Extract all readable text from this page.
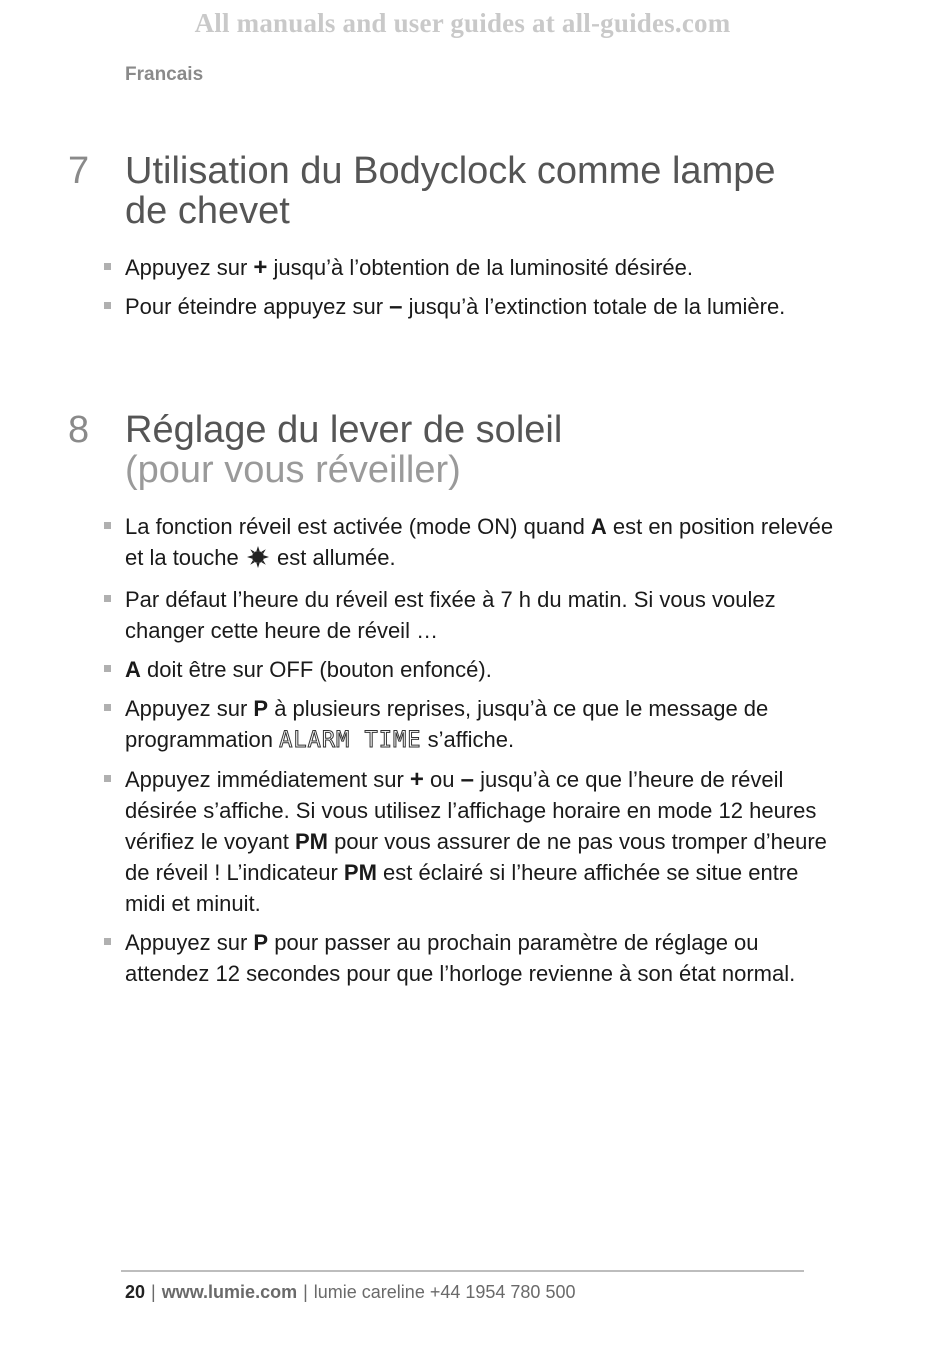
All manuals and user guides at all-guides.com
Francais
7 Utilisation du Bodyclock comme lampe
de chevet
Appuyez sur + jusqu’à l’obtention de la luminosité désirée.
Pour éteindre appuyez sur – jusqu’à l’extinction totale de la lumière.
8 Réglage du lever de soleil
(pour vous réveiller)
La fonction réveil est activée (mode ON) quand A est en position relevée et la touche  est allumée.
Par défaut l’heure du réveil est fixée à 7 h du matin. Si vous voulez changer cette heure de réveil …
A doit être sur OFF (bouton enfoncé).
Appuyez sur P à plusieurs reprises, jusqu’à ce que le message de programmation ALARM TIME s’affiche.
Appuyez immédiatement sur + ou – jusqu’à ce que l’heure de réveil désirée s’affiche. Si vous utilisez l’affichage horaire en mode 12 heures vérifiez le voyant PM pour vous assurer de ne pas vous tromper d’heure de réveil ! L’indicateur PM est éclairé si l’heure affichée se situe entre midi et minuit.
Appuyez sur P pour passer au prochain paramètre de réglage ou attendez 12 secondes pour que l’horloge revienne à son état normal.
20 | www.lumie.com | lumie careline +44 1954 780 500
